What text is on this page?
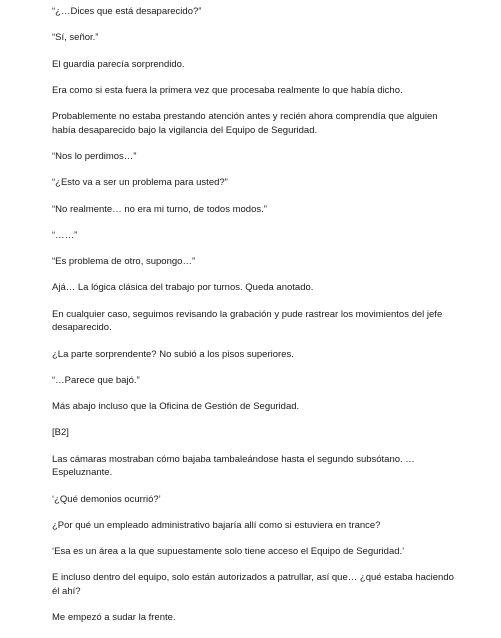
“¿…Dices que está desaparecido?”

“Sí, señor.”

El guardia parecía sorprendido.

Era como si esta fuera la primera vez que procesaba realmente lo que había dicho.

Probablemente no estaba prestando atención antes y recién ahora comprendía que alguien había desaparecido bajo la vigilancia del Equipo de Seguridad.

“Nos lo perdimos…”

“¿Esto va a ser un problema para usted?”

“No realmente… no era mi turno, de todos modos.”

“……”

“Es problema de otro, supongo…”

Ajá… La lógica clásica del trabajo por turnos. Queda anotado.

En cualquier caso, seguimos revisando la grabación y pude rastrear los movimientos del jefe desaparecido.

¿La parte sorprendente? No subió a los pisos superiores.

“…Parece que bajó.”

Más abajo incluso que la Oficina de Gestión de Seguridad.

[B2]

Las cámaras mostraban cómo bajaba tambaleándose hasta el segundo subsótano. …Espeluznante.

‘¿Qué demonios ocurrió?’

¿Por qué un empleado administrativo bajaría allí como si estuviera en trance?

‘Esa es un área a la que supuestamente solo tiene acceso el Equipo de Seguridad.’

E incluso dentro del equipo, solo están autorizados a patrullar, así que… ¿qué estaba haciendo él ahí?

Me empezó a sudar la frente.
